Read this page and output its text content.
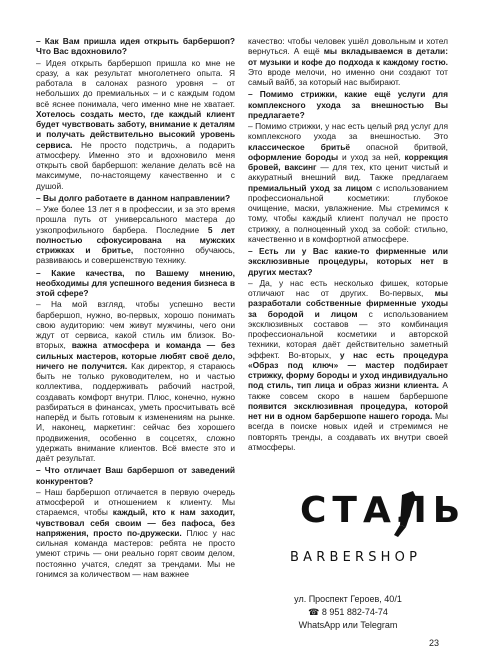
– Как Вам пришла идея открыть барбершоп? Что Вас вдохновило?

– Идея открыть барбершоп пришла ко мне не сразу, а как результат многолетнего опыта. Я работала в салонах разного уровня – от небольших до премиальных – и с каждым годом всё яснее понимала, чего именно мне не хватает. Хотелось создать место, где каждый клиент будет чувствовать заботу, внимание к деталям и получать действительно высокий уровень сервиса. Не просто подстричь, а подарить атмосферу. Именно это и вдохновило меня открыть свой барбершоп: желание делать всё на максимуме, по-настоящему качественно и с душой.

– Вы долго работаете в данном направлении?

– Уже более 13 лет я в профессии, и за это время прошла путь от универсального мастера до узкопрофильного барбера. Последние 5 лет полностью сфокусирована на мужских стрижках и бритье, постоянно обучаюсь, развиваюсь и совершенствую технику.

– Какие качества, по Вашему мнению, необходимы для успешного ведения бизнеса в этой сфере?

– На мой взгляд, чтобы успешно вести барбершоп, нужно, во-первых, хорошо понимать свою аудиторию: чем живут мужчины, чего они ждут от сервиса, какой стиль им близок. Во-вторых, важна атмосфера и команда — без сильных мастеров, которые любят своё дело, ничего не получится. Как директор, я стараюсь быть не только руководителем, но и частью коллектива, поддерживать рабочий настрой, создавать комфорт внутри. Плюс, конечно, нужно разбираться в финансах, уметь просчитывать всё наперёд и быть готовым к изменениям на рынке. И, наконец, маркетинг: сейчас без хорошего продвижения, особенно в соцсетях, сложно удержать внимание клиентов. Всё вместе это и даёт результат.

– Что отличает Ваш барбершоп от заведений конкурентов?

– Наш барбершоп отличается в первую очередь атмосферой и отношением к клиенту. Мы стараемся, чтобы каждый, кто к нам заходит, чувствовал себя своим — без пафоса, без напряжения, просто по-дружески. Плюс у нас сильная команда мастеров: ребята не просто умеют стричь — они реально горят своим делом, постоянно учатся, следят за трендами. Мы не гонимся за количеством — нам важнее

качество: чтобы человек ушёл довольным и хотел вернуться. А ещё мы вкладываемся в детали: от музыки и кофе до подхода к каждому гостю. Это вроде мелочи, но именно они создают тот самый вайб, за который нас выбирают.

– Помимо стрижки, какие ещё услуги для комплексного ухода за внешностью Вы предлагаете?

– Помимо стрижки, у нас есть целый ряд услуг для комплексного ухода за внешностью. Это классическое бритьё опасной бритвой, оформление бороды и уход за ней, коррекция бровей, ваксинг — для тех, кто ценит чистый и аккуратный внешний вид. Также предлагаем премиальный уход за лицом с использованием профессиональной косметики: глубокое очищение, маски, увлажнение. Мы стремимся к тому, чтобы каждый клиент получал не просто стрижку, а полноценный уход за собой: стильно, качественно и в комфортной атмосфере.

– Есть ли у Вас какие-то фирменные или эксклюзивные процедуры, которых нет в других местах?

– Да, у нас есть несколько фишек, которые отличают нас от других. Во-первых, мы разработали собственные фирменные уходы за бородой и лицом с использованием эксклюзивных составов — это комбинация профессиональной косметики и авторской техники, которая даёт действительно заметный эффект. Во-вторых, у нас есть процедура «Образ под ключ» — мастер подбирает стрижку, форму бороды и уход индивидуально под стиль, тип лица и образ жизни клиента. А также совсем скоро в нашем барбершопе появится эксклюзивная процедура, которой нет ни в одном барбершопе нашего города. Мы всегда в поиске новых идей и стремимся не повторять тренды, а создавать их внутри своей атмосферы.

СТАЛЬ
BARBERSHOP
ул. Проспект Героев, 40/1
☎ 8 951 882-74-74
WhatsApp или Telegram
23
